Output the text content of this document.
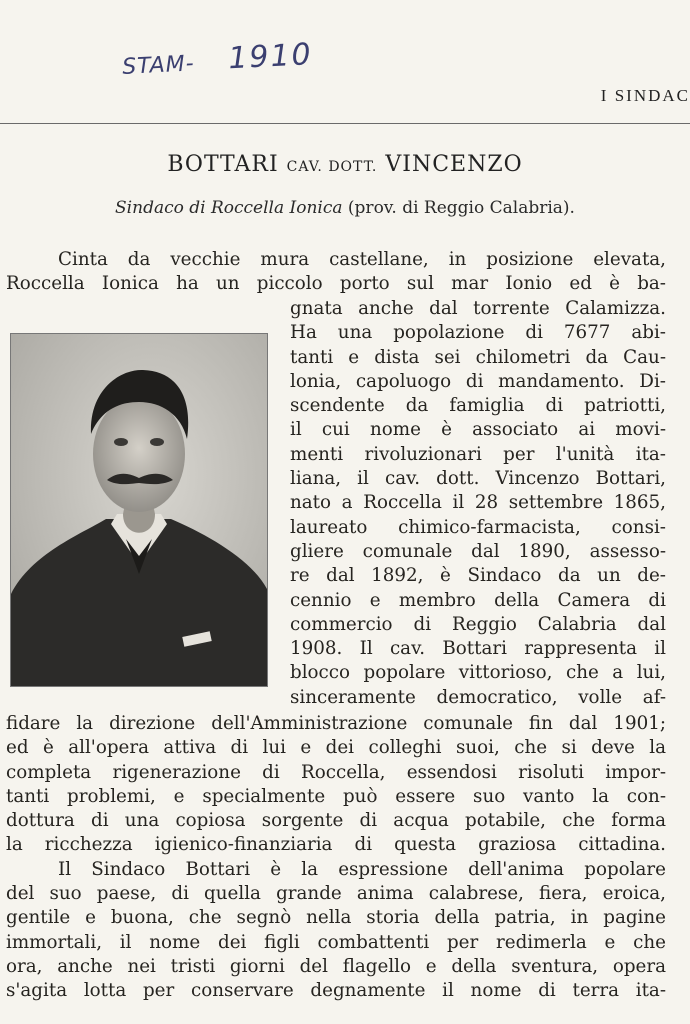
STAM- 1910
I SINDAC
BOTTARI CAV. DOTT. VINCENZO
Sindaco di Roccella Ionica (prov. di Reggio Calabria).
Cinta da vecchie mura castellane, in posizione elevata,
Roccella Ionica ha un piccolo porto sul mar Ionio ed è ba-
gnata anche dal torrente Calamizza.
Ha una popolazione di 7677 abi-
tanti e dista sei chilometri da Cau-
lonia, capoluogo di mandamento. Di-
scendente da famiglia di patriotti,
il cui nome è associato ai movi-
menti rivoluzionari per l'unità ita-
liana, il cav. dott. Vincenzo Bottari,
nato a Roccella il 28 settembre 1865,
laureato chimico-farmacista, consi-
gliere comunale dal 1890, assesso-
re dal 1892, è Sindaco da un de-
cennio e membro della Camera di
commercio di Reggio Calabria dal
1908. Il cav. Bottari rappresenta il
blocco popolare vittorioso, che a lui,
sinceramente democratico, volle af-
fidare la direzione dell'Amministrazione comunale fin dal 1901;
ed è all'opera attiva di lui e dei colleghi suoi, che si deve la
completa rigenerazione di Roccella, essendosi risoluti impor-
tanti problemi, e specialmente può essere suo vanto la con-
dottura di una copiosa sorgente di acqua potabile, che forma
la ricchezza igienico-finanziaria di questa graziosa cittadina.
Il Sindaco Bottari è la espressione dell'anima popolare
del suo paese, di quella grande anima calabrese, fiera, eroica,
gentile e buona, che segnò nella storia della patria, in pagine
immortali, il nome dei figli combattenti per redimerla e che
ora, anche nei tristi giorni del flagello e della sventura, opera
s'agita lotta per conservare degnamente il nome di terra ita-
